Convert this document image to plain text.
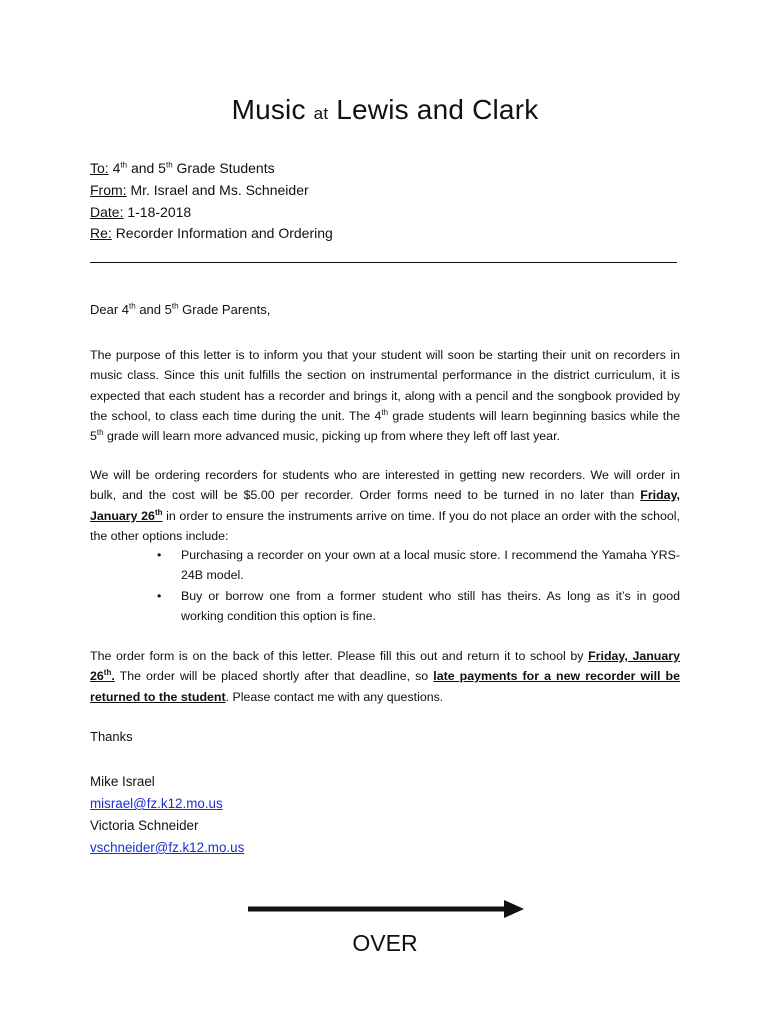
Music at Lewis and Clark
To: 4th and 5th Grade Students
From: Mr. Israel and Ms. Schneider
Date: 1-18-2018
Re: Recorder Information and Ordering
Dear 4th and 5th Grade Parents,
The purpose of this letter is to inform you that your student will soon be starting their unit on recorders in music class. Since this unit fulfills the section on instrumental performance in the district curriculum, it is expected that each student has a recorder and brings it, along with a pencil and the songbook provided by the school, to class each time during the unit. The 4th grade students will learn beginning basics while the 5th grade will learn more advanced music, picking up from where they left off last year.
We will be ordering recorders for students who are interested in getting new recorders. We will order in bulk, and the cost will be $5.00 per recorder. Order forms need to be turned in no later than Friday, January 26th in order to ensure the instruments arrive on time. If you do not place an order with the school, the other options include:
• Purchasing a recorder on your own at a local music store. I recommend the Yamaha YRS-24B model.
• Buy or borrow one from a former student who still has theirs. As long as it’s in good working condition this option is fine.
The order form is on the back of this letter. Please fill this out and return it to school by Friday, January 26th. The order will be placed shortly after that deadline, so late payments for a new recorder will be returned to the student. Please contact me with any questions.
Thanks
Mike Israel
misrael@fz.k12.mo.us
Victoria Schneider
vschneider@fz.k12.mo.us
OVER
